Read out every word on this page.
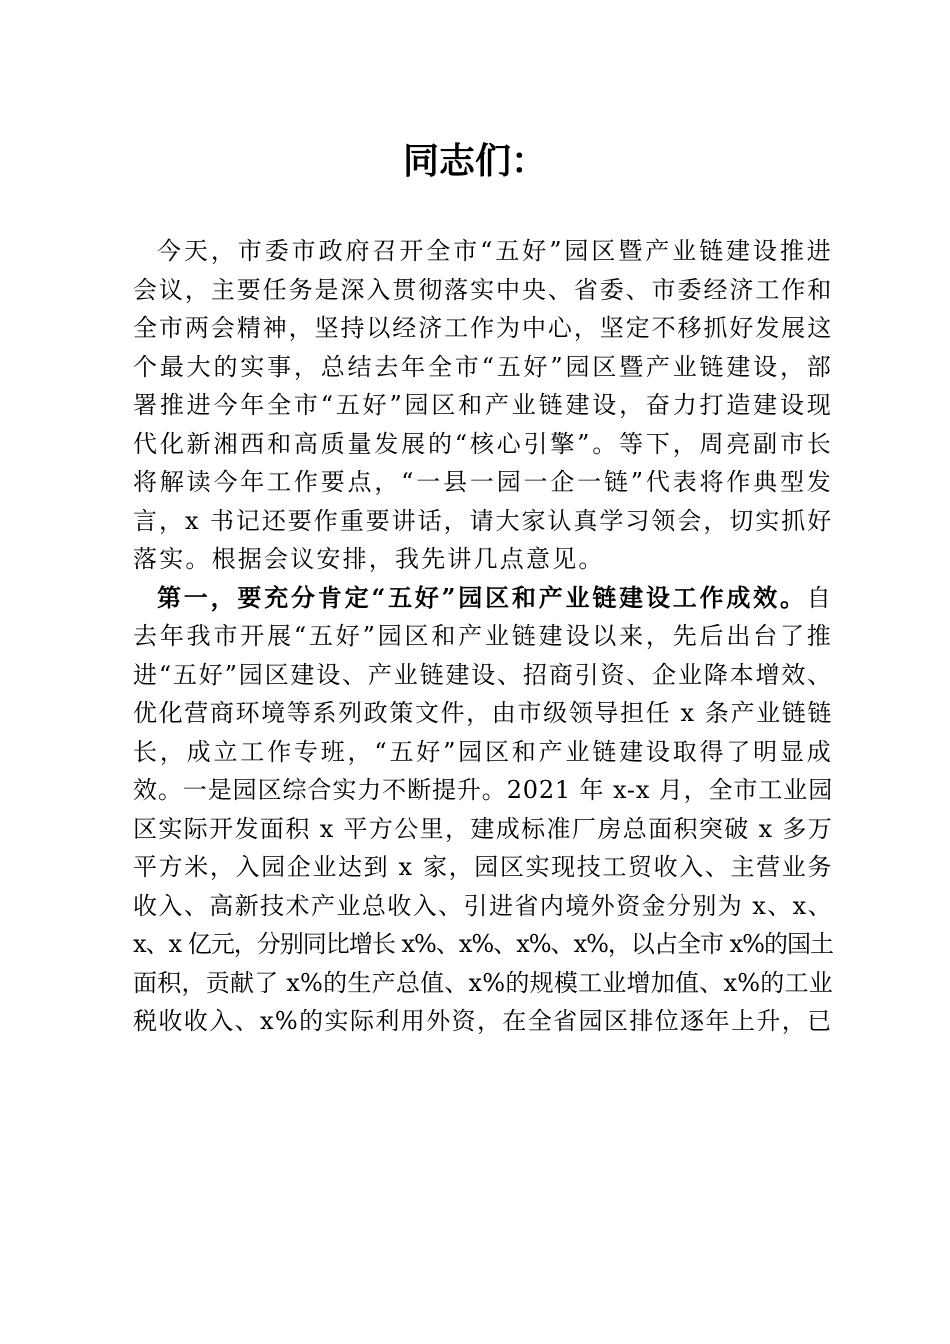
同志们：
今天，市委市政府召开全市“五好”园区暨产业链建设推进
会议，主要任务是深入贯彻落实中央、省委、市委经济工作和
全市两会精神，坚持以经济工作为中心，坚定不移抓好发展这
个最大的实事，总结去年全市“五好”园区暨产业链建设，部
署推进今年全市“五好”园区和产业链建设，奋力打造建设现
代化新湘西和高质量发展的“核心引擎”。等下，周亮副市长
将解读今年工作要点，“一县一园一企一链”代表将作典型发
言，x 书记还要作重要讲话，请大家认真学习领会，切实抓好
落实。根据会议安排，我先讲几点意见。
第一，要充分肯定“五好”园区和产业链建设工作成效。自
去年我市开展“五好”园区和产业链建设以来，先后出台了推
进“五好”园区建设、产业链建设、招商引资、企业降本增效、
优化营商环境等系列政策文件，由市级领导担任 x 条产业链链
长，成立工作专班，“五好”园区和产业链建设取得了明显成
效。一是园区综合实力不断提升。2021 年 x-x 月，全市工业园
区实际开发面积 x 平方公里，建成标准厂房总面积突破 x 多万
平方米，入园企业达到 x 家，园区实现技工贸收入、主营业务
收入、高新技术产业总收入、引进省内境外资金分别为 x、x、
x、x 亿元，分别同比增长 x%、x%、x%、x%，以占全市 x%的国土
面积，贡献了 x%的生产总值、x%的规模工业增加值、x%的工业
税收收入、x%的实际利用外资，在全省园区排位逐年上升，已
